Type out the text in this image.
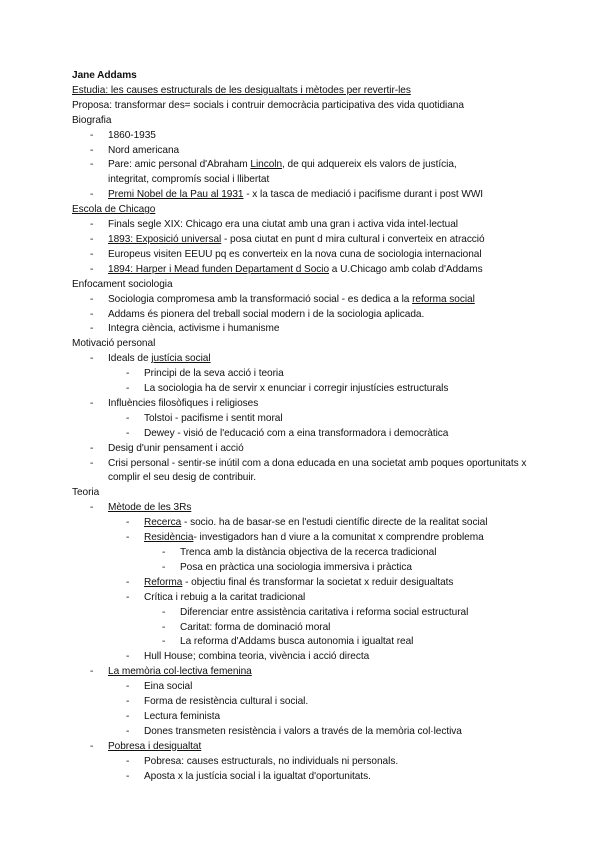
Jane Addams
Estudia: les causes estructurals de les desigualtats i mètodes per revertir-les
Proposa: transformar des= socials i contruir democràcia participativa des vida quotidiana
Biografia
- 1860-1935
- Nord americana
- Pare: amic personal d'Abraham Lincoln, de qui adquereix els valors de justícia,
integritat, compromís social i llibertat
- Premi Nobel de la Pau al 1931 - x la tasca de mediació i pacifisme durant i post WWI
Escola de Chicago
- Finals segle XIX: Chicago era una ciutat amb una gran i activa vida intel·lectual
- 1893: Exposició universal - posa ciutat en punt d mira cultural i converteix en atracció
- Europeus visiten EEUU pq es converteix en la nova cuna de sociologia internacional
- 1894: Harper i Mead funden Departament d Socio a U.Chicago amb colab d'Addams
Enfocament sociologia
- Sociologia compromesa amb la transformació social - es dedica a la reforma social
- Addams és pionera del treball social modern i de la sociologia aplicada.
- Integra ciència, activisme i humanisme
Motivació personal
- Ideals de justícia social
- Principi de la seva acció i teoria
- La sociologia ha de servir x enunciar i corregir injustícies estructurals
- Influències filosòfiques i religioses
- Tolstoi - pacifisme i sentit moral
- Dewey - visió de l'educació com a eina transformadora i democràtica
- Desig d'unir pensament i acció
- Crisi personal - sentir-se inútil com a dona educada en una societat amb poques oportunitats x complir el seu desig de contribuir.
Teoria
- Mètode de les 3Rs
- Recerca - socio. ha de basar-se en l'estudi científic directe de la realitat social
- Residència- investigadors han d viure a la comunitat x comprendre problema
- Trenca amb la distància objectiva de la recerca tradicional
- Posa en pràctica una sociologia immersiva i pràctica
- Reforma - objectiu final és transformar la societat x reduir desigualtats
- Crítica i rebuig a la caritat tradicional
- Diferenciar entre assistència caritativa i reforma social estructural
- Caritat: forma de dominació moral
- La reforma d'Addams busca autonomia i igualtat real
- Hull House; combina teoria, vivència i acció directa
- La memòria col·lectiva femenina
- Eina social
- Forma de resistència cultural i social.
- Lectura feminista
- Dones transmeten resistència i valors a través de la memòria col·lectiva
- Pobresa i desigualtat
- Pobresa: causes estructurals, no individuals ni personals.
- Aposta x la justícia social i la igualtat d'oportunitats.
